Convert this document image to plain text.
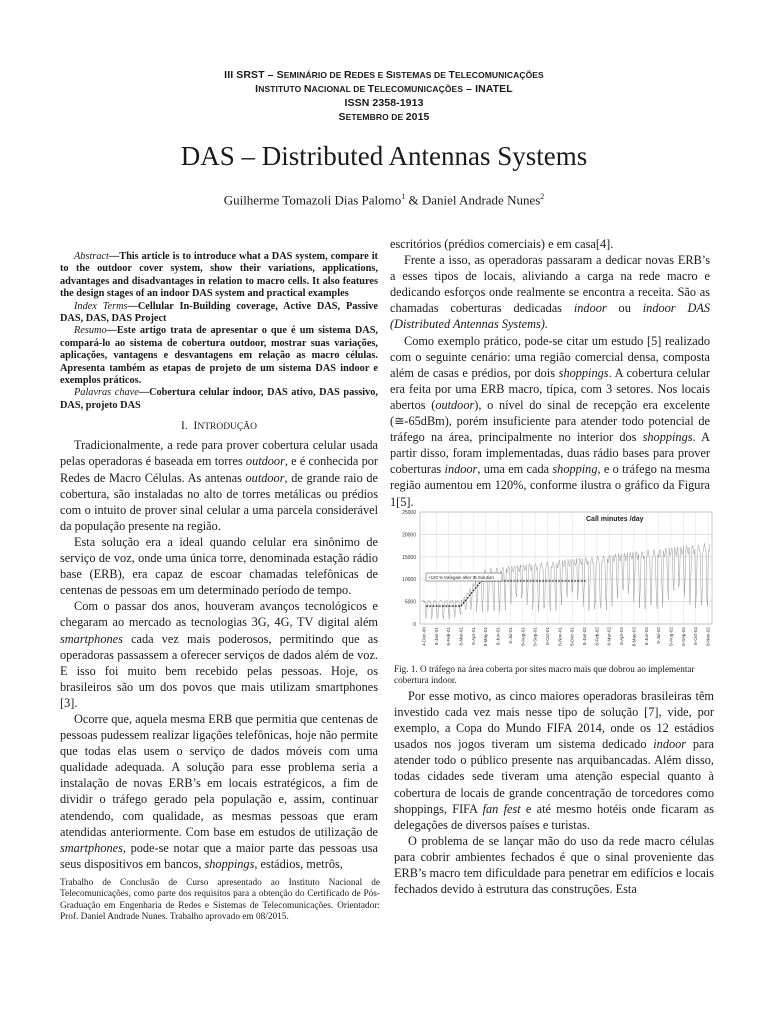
III SRST – SEMINÁRIO DE REDES E SISTEMAS DE TELECOMUNICAÇÕES
INSTITUTO NACIONAL DE TELECOMUNICAÇÕES – INATEL
ISSN 2358-1913
SETEMBRO DE 2015
DAS – Distributed Antennas Systems
Guilherme Tomazoli Dias Palomo$^1$ & Daniel Andrade Nunes$^2$

Abstract—This article is to introduce what a DAS system, compare it to the outdoor cover system, show their variations, applications, advantages and disadvantages in relation to macro cells. It also features the design stages of an indoor DAS system and practical examples

Index Terms—Cellular In-Building coverage, Active DAS, Passive DAS, DAS, DAS Project

Resumo—Este artigo trata de apresentar o que é um sistema DAS, compará-lo ao sistema de cobertura outdoor, mostrar suas variações, aplicações, vantagens e desvantagens em relação as macro células. Apresenta também as etapas de projeto de um sistema DAS indoor e exemplos práticos.

Palavras chave—Cobertura celular indoor, DAS ativo, DAS passivo, DAS, projeto DAS

I. INTRODUÇÃO

Tradicionalmente, a rede para prover cobertura celular usada pelas operadoras é baseada em torres outdoor, e é conhecida por Redes de Macro Células. As antenas outdoor, de grande raio de cobertura, são instaladas no alto de torres metálicas ou prédios com o intuito de prover sinal celular a uma parcela considerável da população presente na região.

Esta solução era a ideal quando celular era sinônimo de serviço de voz, onde uma única torre, denominada estação rádio base (ERB), era capaz de escoar chamadas telefônicas de centenas de pessoas em um determinado período de tempo.

Com o passar dos anos, houveram avanços tecnológicos e chegaram ao mercado as tecnologias 3G, 4G, TV digital além smartphones cada vez mais poderosos, permitindo que as operadoras passassem a oferecer serviços de dados além de voz. E isso foi muito bem recebido pelas pessoas. Hoje, os brasileiros são um dos povos que mais utilizam smartphones [3].

Ocorre que, aquela mesma ERB que permitia que centenas de pessoas pudessem realizar ligações telefônicas, hoje não permite que todas elas usem o serviço de dados móveis com uma qualidade adequada. A solução para esse problema seria a instalação de novas ERB’s em locais estratégicos, a fim de dividir o tráfego gerado pela população e, assim, continuar atendendo, com qualidade, as mesmas pessoas que eram atendidas anteriormente. Com base em estudos de utilização de smartphones, pode-se notar que a maior parte das pessoas usa seus dispositivos em bancos, shoppings, estádios, metrôs,

Trabalho de Conclusão de Curso apresentado ao Instituto Nacional de Telecomunicações, como parte dos requisitos para a obtenção do Certificado de Pós-Graduação em Engenharia de Redes e Sistemas de Telecomunicações. Orientador: Prof. Daniel Andrade Nunes. Trabalho aprovado em 08/2015.

escritórios (prédios comerciais) e em casa[4].

Frente a isso, as operadoras passaram a dedicar novas ERB’s a esses tipos de locais, aliviando a carga na rede macro e dedicando esforços onde realmente se encontra a receita. São as chamadas coberturas dedicadas indoor ou indoor DAS (Distributed Antennas Systems).

Como exemplo prático, pode-se citar um estudo [5] realizado com o seguinte cenário: uma região comercial densa, composta além de casas e prédios, por dois shoppings. A cobertura celular era feita por uma ERB macro, típica, com 3 setores. Nos locais abertos (outdoor), o nível do sinal de recepção era excelente (≅-65dBm), porém insuficiente para atender todo potencial de tráfego na área, principalmente no interior dos shoppings. A partir disso, foram implementadas, duas rádio bases para prover coberturas indoor, uma em cada shopping, e o tráfego na mesma região aumentou em 120%, conforme ilustra o gráfico da Figura 1[5].

0
5000
10000
15000
20000
25000
4-Dec-00 8-Jan-01 8-Feb-01 8-Mar-01 8-Apr-01 8-May-01 8-Jun-01 8-Jul-01 8-Aug-01 8-Sep-01 8-Oct-01 8-Nov-01 8-Dec-01 8-Jan-02 8-Feb-02 8-Mar-02 8-Apr-02 8-May-02 8-Jun-02 8-Jul-02 8-Aug-02 8-Sep-02 8-Oct-02 8-Nov-02
Call minutes /day
+120 % trafegain after IB Solution
Fig. 1. O tráfego na área coberta por sites macro mais que dobrou ao implementar cobertura indoor.

Por esse motivo, as cinco maiores operadoras brasileiras têm investido cada vez mais nesse tipo de solução [7], vide, por exemplo, a Copa do Mundo FIFA 2014, onde os 12 estádios usados nos jogos tiveram um sistema dedicado indoor para atender todo o público presente nas arquibancadas. Além disso, todas cidades sede tiveram uma atenção especial quanto à cobertura de locais de grande concentração de torcedores como shoppings, FIFA fan fest e até mesmo hotéis onde ficaram as delegações de diversos países e turistas.

O problema de se lançar mão do uso da rede macro células para cobrir ambientes fechados é que o sinal proveniente das ERB’s macro tem dificuldade para penetrar em edifícios e locais fechados devido à estrutura das construções. Esta
